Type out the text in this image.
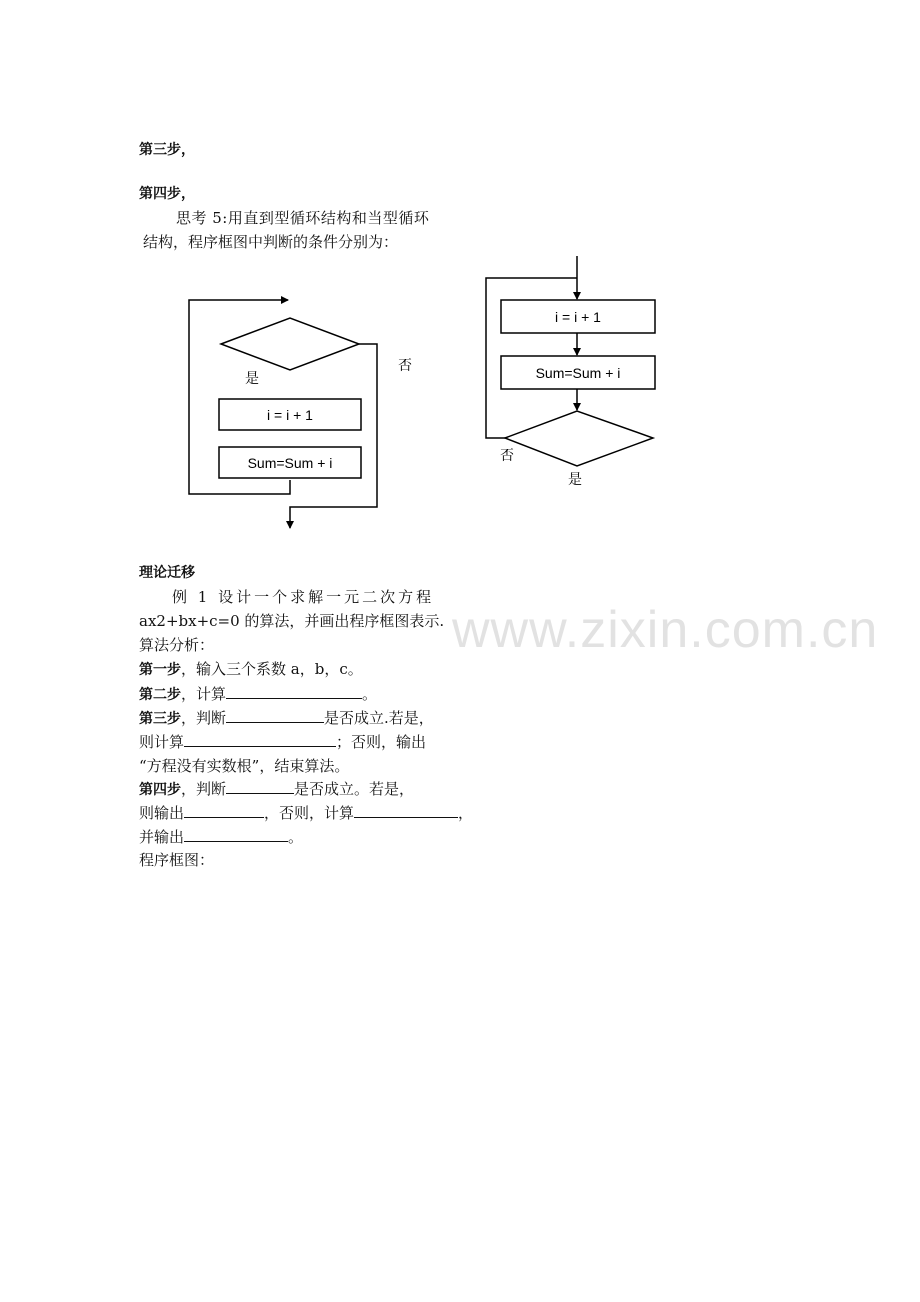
第三步，
第四步，
思考 5:用直到型循环结构和当型循环
结构，程序框图中判断的条件分别为：
是
否
i = i + 1
Sum=Sum + i
i = i + 1
Sum=Sum + i
否
是
www.zixin.com.cn
理论迁移
例 1 设计一个求解一元二次方程
ax2+bx+c=0 的算法，并画出程序框图表示.
算法分析：
第一步，输入三个系数 a，b，c。
第二步，计算	。
第三步，判断	是否成立.若是，
则计算	；否则，输出
“方程没有实数根”，结束算法。
第四步，判断	是否成立。若是，
则输出	，否则，计算	，
并输出	。
程序框图：
